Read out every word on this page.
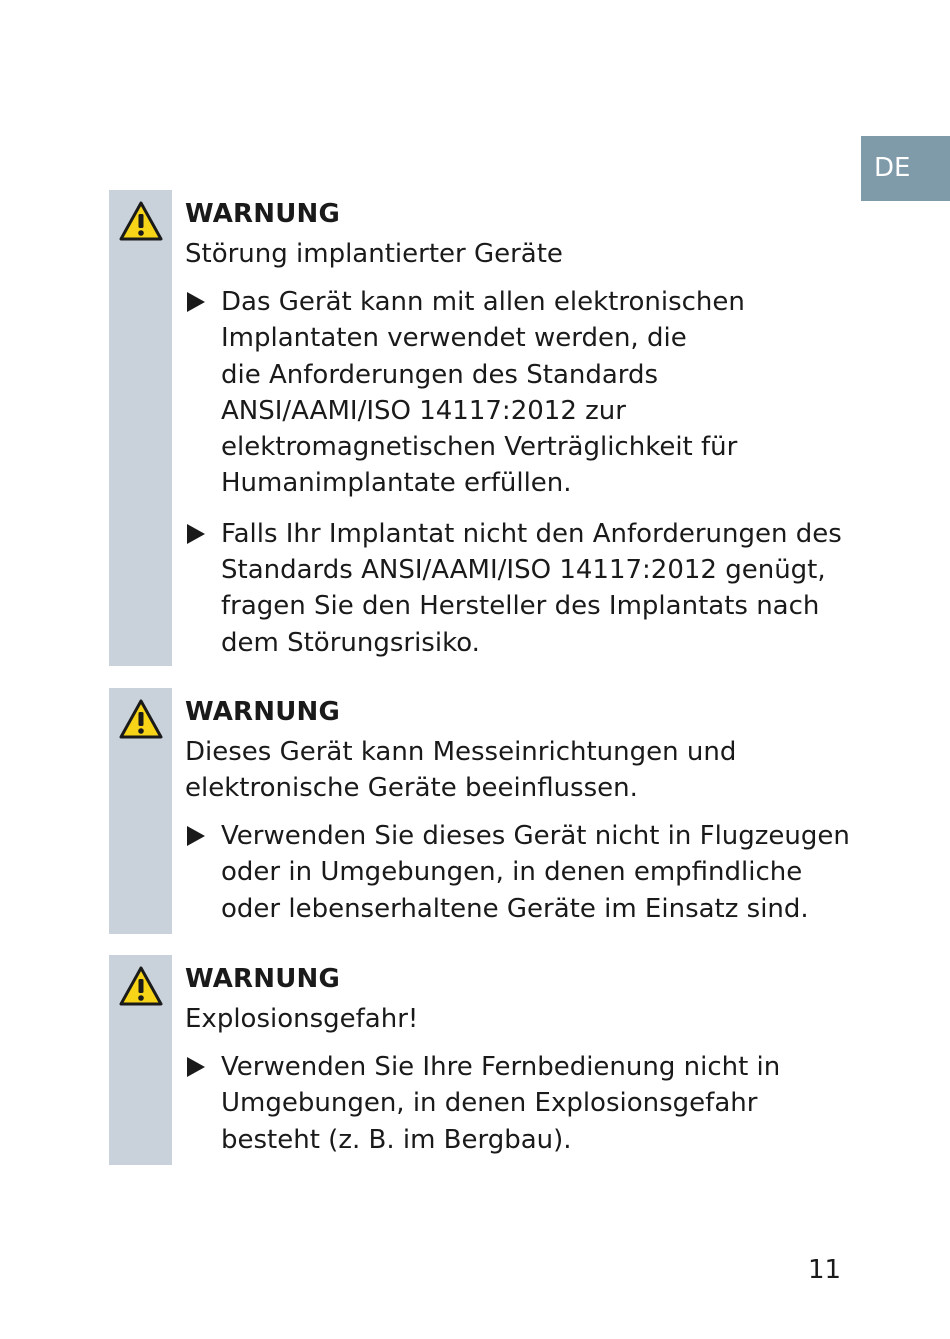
DE
WARNUNG
Störung implantierter Geräte
Das Gerät kann mit allen elektronischen
Implantaten verwendet werden, die
die Anforderungen des Standards
ANSI/AAMI/ISO 14117:2012 zur
elektromagnetischen Verträglichkeit für
Humanimplantate erfüllen.
Falls Ihr Implantat nicht den Anforderungen des
Standards ANSI/AAMI/ISO 14117:2012 genügt,
fragen Sie den Hersteller des Implantats nach
dem Störungsrisiko.
WARNUNG
Dieses Gerät kann Messeinrichtungen und
elektronische Geräte beeinflussen.
Verwenden Sie dieses Gerät nicht in Flugzeugen
oder in Umgebungen, in denen empfindliche
oder lebenserhaltene Geräte im Einsatz sind.
WARNUNG
Explosionsgefahr!
Verwenden Sie Ihre Fernbedienung nicht in
Umgebungen, in denen Explosionsgefahr
besteht (z. B. im Bergbau).
11
